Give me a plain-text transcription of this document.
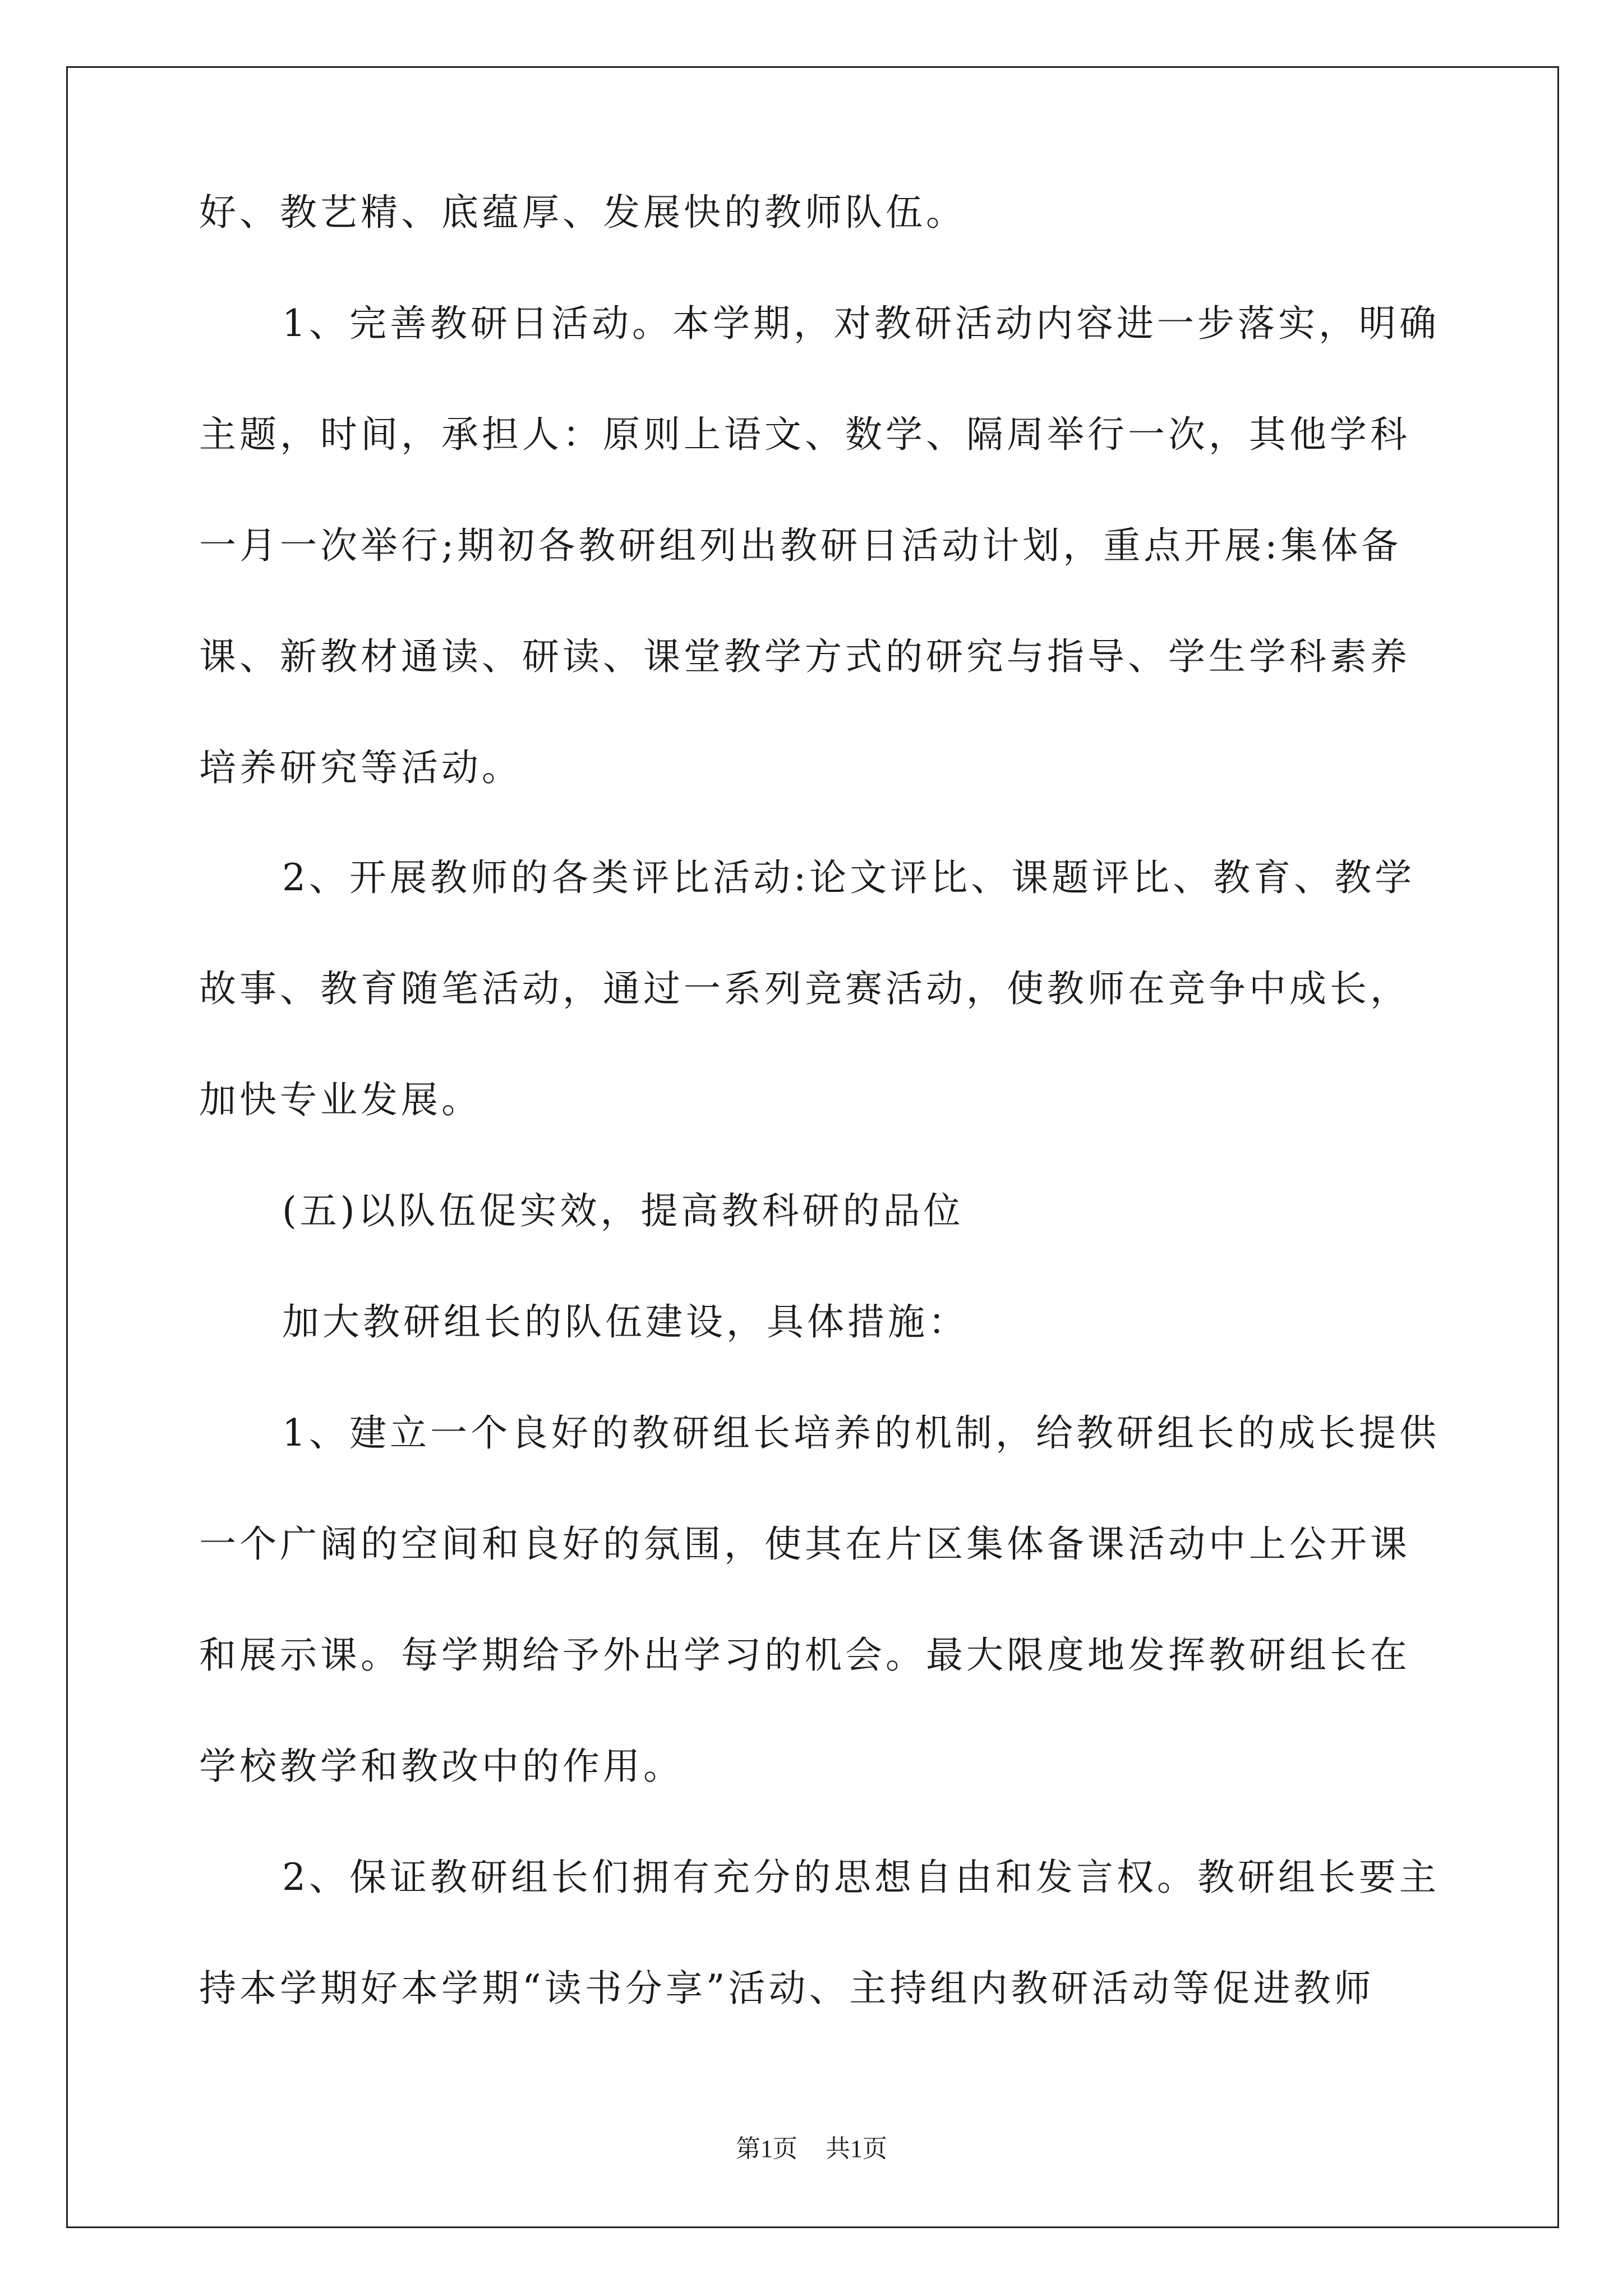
好、教艺精、底蕴厚、发展快的教师队伍。

1、完善教研日活动。本学期，对教研活动内容进一步落实，明确

主题，时间，承担人：原则上语文、数学、隔周举行一次，其他学科

一月一次举行;期初各教研组列出教研日活动计划，重点开展:集体备

课、新教材通读、研读、课堂教学方式的研究与指导、学生学科素养

培养研究等活动。

2、开展教师的各类评比活动:论文评比、课题评比、教育、教学

故事、教育随笔活动，通过一系列竞赛活动，使教师在竞争中成长，

加快专业发展。

(五)以队伍促实效，提高教科研的品位

加大教研组长的队伍建设，具体措施：

1、建立一个良好的教研组长培养的机制，给教研组长的成长提供

一个广阔的空间和良好的氛围，使其在片区集体备课活动中上公开课

和展示课。每学期给予外出学习的机会。最大限度地发挥教研组长在

学校教学和教改中的作用。

2、保证教研组长们拥有充分的思想自由和发言权。教研组长要主

持本学期好本学期“读书分享”活动、主持组内教研活动等促进教师

第1页 共1页
